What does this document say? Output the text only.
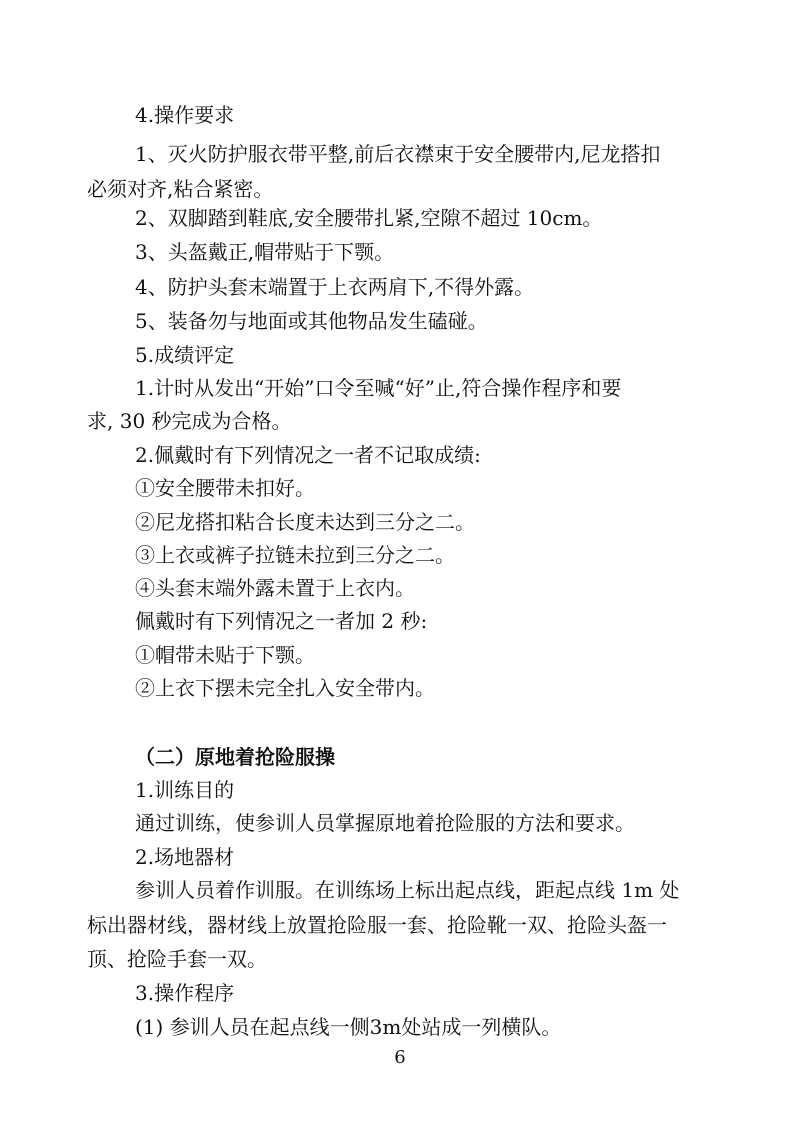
4.操作要求
1、灭火防护服衣带平整,前后衣襟束于安全腰带内,尼龙搭扣
必须对齐,粘合紧密。
2、双脚踏到鞋底,安全腰带扎紧,空隙不超过 10cm。
3、头盔戴正,帽带贴于下颚。
4、防护头套末端置于上衣两肩下,不得外露。
5、装备勿与地面或其他物品发生磕碰。
5.成绩评定
1.计时从发出“开始”口令至喊“好”止,符合操作程序和要
求, 30 秒完成为合格。
2.佩戴时有下列情况之一者不记取成绩:
①安全腰带未扣好。
②尼龙搭扣粘合长度未达到三分之二。
③上衣或裤子拉链未拉到三分之二。
④头套末端外露未置于上衣内。
佩戴时有下列情况之一者加 2 秒:
①帽带未贴于下颚。
②上衣下摆未完全扎入安全带内。
（二）原地着抢险服操
1.训练目的
通过训练，使参训人员掌握原地着抢险服的方法和要求。
2.场地器材
参训人员着作训服。在训练场上标出起点线，距起点线 1m 处
标出器材线，器材线上放置抢险服一套、抢险靴一双、抢险头盔一
顶、抢险手套一双。
3.操作程序
(1) 参训人员在起点线一侧3m处站成一列横队。
6
